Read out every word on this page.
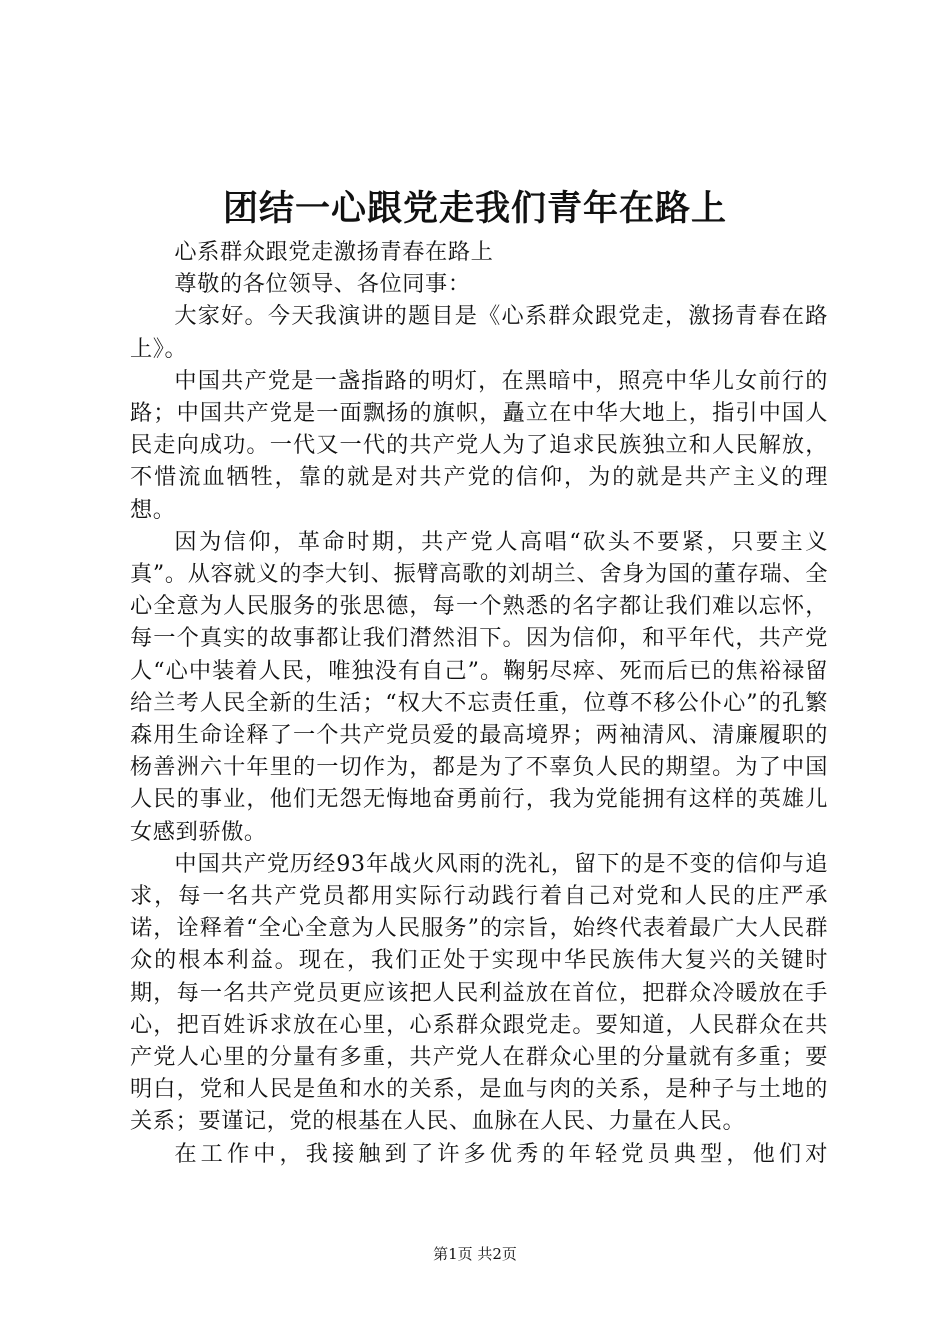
团结一心跟党走我们青年在路上

心系群众跟党走激扬青春在路上

尊敬的各位领导、各位同事：

大家好。今天我演讲的题目是《心系群众跟党走，激扬青春在路上》。

中国共产党是一盏指路的明灯，在黑暗中，照亮中华儿女前行的路；中国共产党是一面飘扬的旗帜，矗立在中华大地上，指引中国人民走向成功。一代又一代的共产党人为了追求民族独立和人民解放，不惜流血牺牲，靠的就是对共产党的信仰，为的就是共产主义的理想。

因为信仰，革命时期，共产党人高唱“砍头不要紧，只要主义真”。从容就义的李大钊、振臂高歌的刘胡兰、舍身为国的董存瑞、全心全意为人民服务的张思德，每一个熟悉的名字都让我们难以忘怀，每一个真实的故事都让我们潸然泪下。因为信仰，和平年代，共产党人“心中装着人民，唯独没有自己”。鞠躬尽瘁、死而后已的焦裕禄留给兰考人民全新的生活；“权大不忘责任重，位尊不移公仆心”的孔繁森用生命诠释了一个共产党员爱的最高境界；两袖清风、清廉履职的杨善洲六十年里的一切作为，都是为了不辜负人民的期望。为了中国人民的事业，他们无怨无悔地奋勇前行，我为党能拥有这样的英雄儿女感到骄傲。

中国共产党历经93年战火风雨的洗礼，留下的是不变的信仰与追求，每一名共产党员都用实际行动践行着自己对党和人民的庄严承诺，诠释着“全心全意为人民服务”的宗旨，始终代表着最广大人民群众的根本利益。现在，我们正处于实现中华民族伟大复兴的关键时期，每一名共产党员更应该把人民利益放在首位，把群众冷暖放在手心，把百姓诉求放在心里，心系群众跟党走。要知道，人民群众在共产党人心里的分量有多重，共产党人在群众心里的分量就有多重；要明白，党和人民是鱼和水的关系，是血与肉的关系，是种子与土地的关系；要谨记，党的根基在人民、血脉在人民、力量在人民。

在工作中，我接触到了许多优秀的年轻党员典型，他们对

第1页 共2页
